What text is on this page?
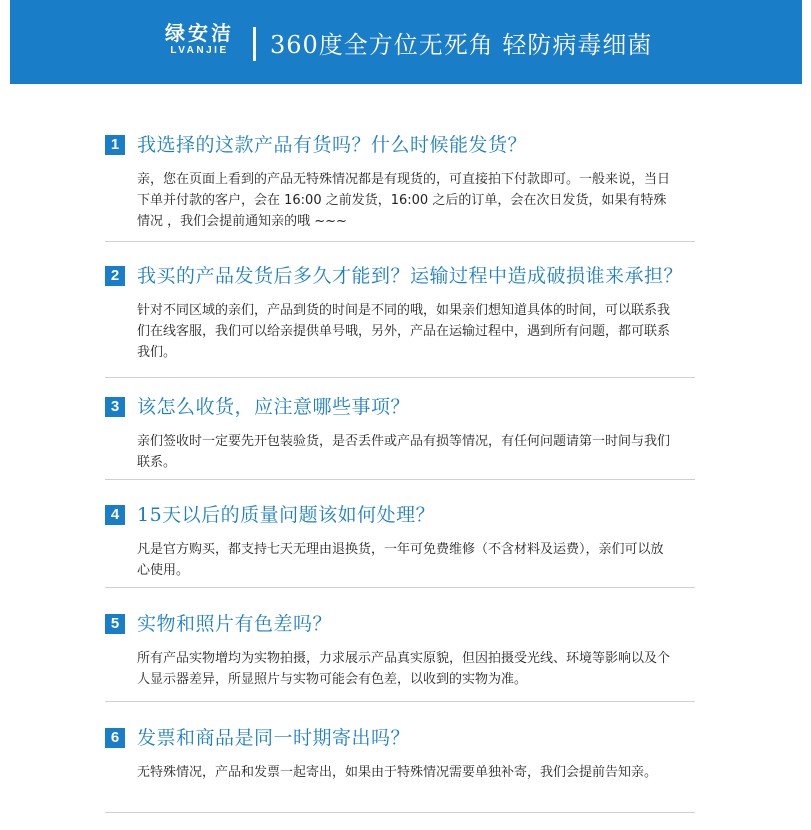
绿安洁
LVANJIE	360度全方位无死角 轻防病毒细菌
1 我选择的这款产品有货吗？什么时候能发货？
亲，您在页面上看到的产品无特殊情况都是有现货的，可直接拍下付款即可。一般来说，当日下单并付款的客户，会在 16:00 之前发货，16:00 之后的订单，会在次日发货，如果有特殊情况 ，我们会提前通知亲的哦 ~~~
2 我买的产品发货后多久才能到？运输过程中造成破损谁来承担？
针对不同区域的亲们，产品到货的时间是不同的哦，如果亲们想知道具体的时间，可以联系我们在线客服，我们可以给亲提供单号哦，另外，产品在运输过程中，遇到所有问题，都可联系我们。
3 该怎么收货，应注意哪些事项？
亲们签收时一定要先开包装验货，是否丢件或产品有损等情况，有任何问题请第一时间与我们联系。
4 15天以后的质量问题该如何处理？
凡是官方购买，都支持七天无理由退换货，一年可免费维修（不含材料及运费），亲们可以放心使用。
5 实物和照片有色差吗？
所有产品实物增均为实物拍摄，力求展示产品真实原貌，但因拍摄受光线、环境等影响以及个人显示器差异，所显照片与实物可能会有色差，以收到的实物为准。
6 发票和商品是同一时期寄出吗？
无特殊情况，产品和发票一起寄出，如果由于特殊情况需要单独补寄，我们会提前告知亲。
